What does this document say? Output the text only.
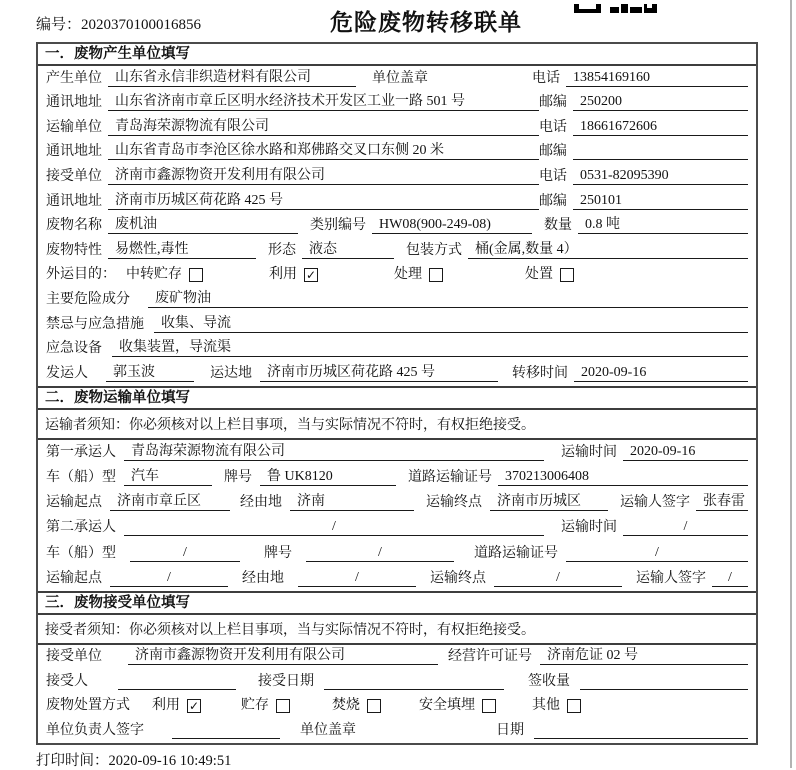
编号：2020370100016856	危险废物转移联单
一．废物产生单位填写
产生单位 山东省永信非织造材料有限公司	单位盖章	电话 13854169160
通讯地址 山东省济南市章丘区明水经济技术开发区工业一路 501 号	邮编 250200
运输单位 青岛海荣源物流有限公司	电话 18661672606
通讯地址 山东省青岛市李沧区徐水路和郑佛路交叉口东侧 20 米	邮编
接受单位 济南市鑫源物资开发利用有限公司	电话 0531-82095390
通讯地址 济南市历城区荷花路 425 号	邮编 250101
废物名称 废机油	类别编号 HW08(900-249-08)	数量 0.8 吨
废物特性 易燃性,毒性	形态 液态	包装方式 桶(金属,数量 4）
外运目的： 中转贮存	利用 ✓	处理	处置
主要危险成分	废矿物油
禁忌与应急措施	收集、导流
应急设备	收集装置，导流渠
发运人	郭玉波	运达地	济南市历城区荷花路 425 号	转移时间 2020-09-16
二．废物运输单位填写
运输者须知：你必须核对以上栏目事项，当与实际情况不符时，有权拒绝接受。
第一承运人	青岛海荣源物流有限公司	运输时间 2020-09-16
车（船）型	汽车	牌号	鲁 UK8120	道路运输证号 370213006408
运输起点	济南市章丘区	经由地	济南	运输终点	济南市历城区	运输人签字 张春雷
第二承运人	/	运输时间	/
车（船）型	/	牌号	/	道路运输证号	/
运输起点	/	经由地	/	运输终点	/	运输人签字	/
三．废物接受单位填写
接受者须知：你必须核对以上栏目事项，当与实际情况不符时，有权拒绝接受。
接受单位	济南市鑫源物资开发利用有限公司	经营许可证号	济南危证 02 号
接受人	接受日期	签收量
废物处置方式 利用 ✓	贮存	焚烧	安全填埋	其他
单位负责人签字	单位盖章	日期
打印时间：2020-09-16 10:49:51
